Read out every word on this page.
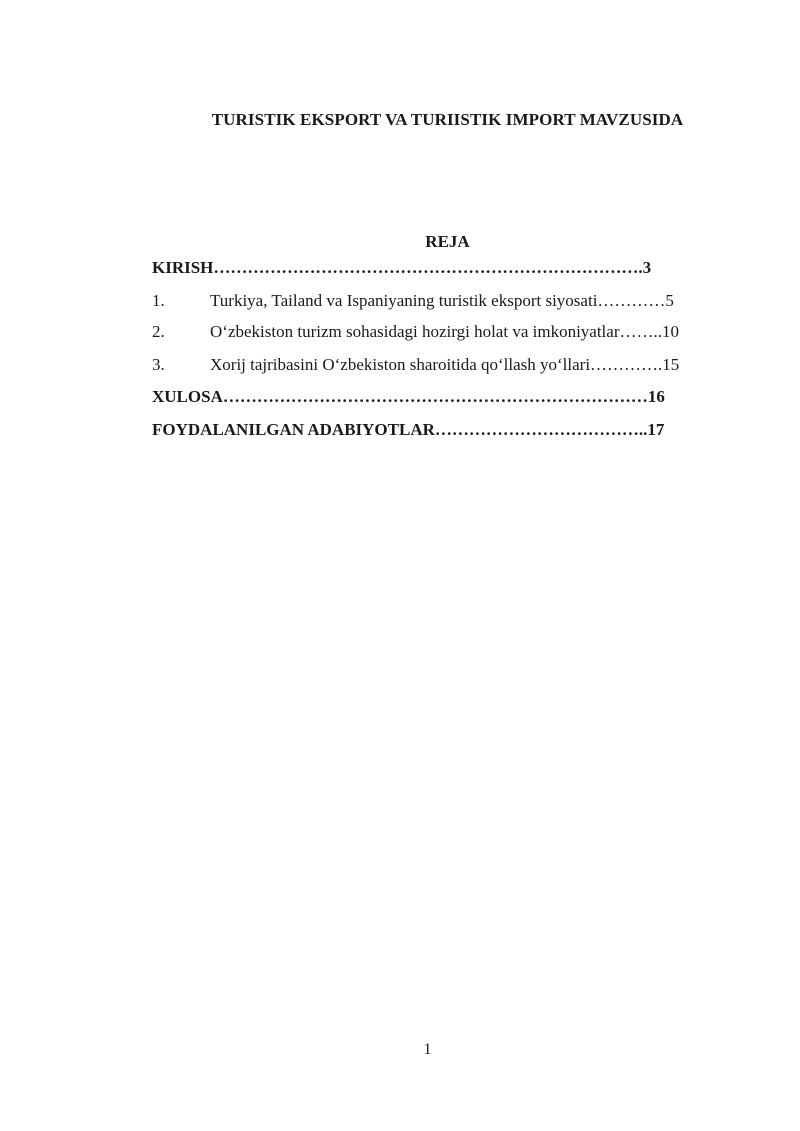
TURISTIK EKSPORT VA TURIISTIK IMPORT MAVZUSIDA
REJA
KIRISH………………………………………………………………….3
1.	Turkiya, Tailand va Ispaniyaning turistik eksport siyosati…………5
2.	O‘zbekiston turizm sohasidagi hozirgi holat va imkoniyatlar……..10
3.	Xorij tajribasini O‘zbekiston sharoitida qo‘llash yo‘llari………….15
XULOSA…………………………………………………………………16
FOYDALANILGAN ADABIYOTLAR………………………………..17
1
